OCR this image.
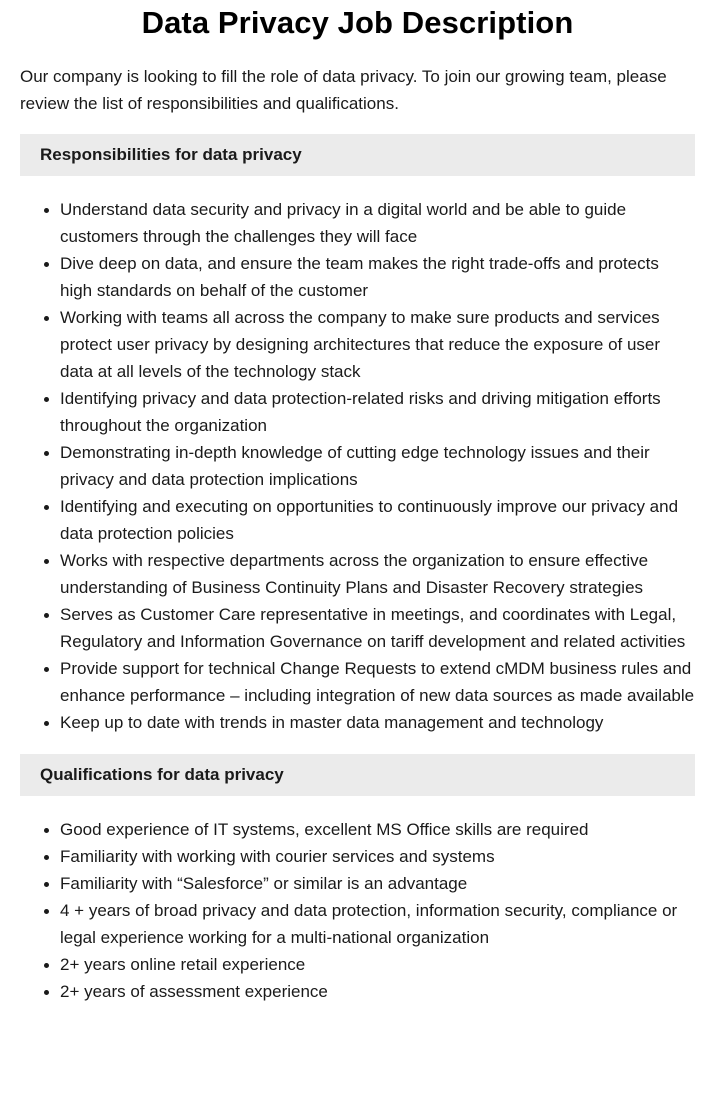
Data Privacy Job Description

Our company is looking to fill the role of data privacy. To join our growing team, please review the list of responsibilities and qualifications.

Responsibilities for data privacy
Understand data security and privacy in a digital world and be able to guide customers through the challenges they will face
Dive deep on data, and ensure the team makes the right trade-offs and protects high standards on behalf of the customer
Working with teams all across the company to make sure products and services protect user privacy by designing architectures that reduce the exposure of user data at all levels of the technology stack
Identifying privacy and data protection-related risks and driving mitigation efforts throughout the organization
Demonstrating in-depth knowledge of cutting edge technology issues and their privacy and data protection implications
Identifying and executing on opportunities to continuously improve our privacy and data protection policies
Works with respective departments across the organization to ensure effective understanding of Business Continuity Plans and Disaster Recovery strategies
Serves as Customer Care representative in meetings, and coordinates with Legal, Regulatory and Information Governance on tariff development and related activities
Provide support for technical Change Requests to extend cMDM business rules and enhance performance – including integration of new data sources as made available
Keep up to date with trends in master data management and technology
Qualifications for data privacy
Good experience of IT systems, excellent MS Office skills are required
Familiarity with working with courier services and systems
Familiarity with “Salesforce” or similar is an advantage
4 + years of broad privacy and data protection, information security, compliance or legal experience working for a multi-national organization
2+ years online retail experience
2+ years of assessment experience
